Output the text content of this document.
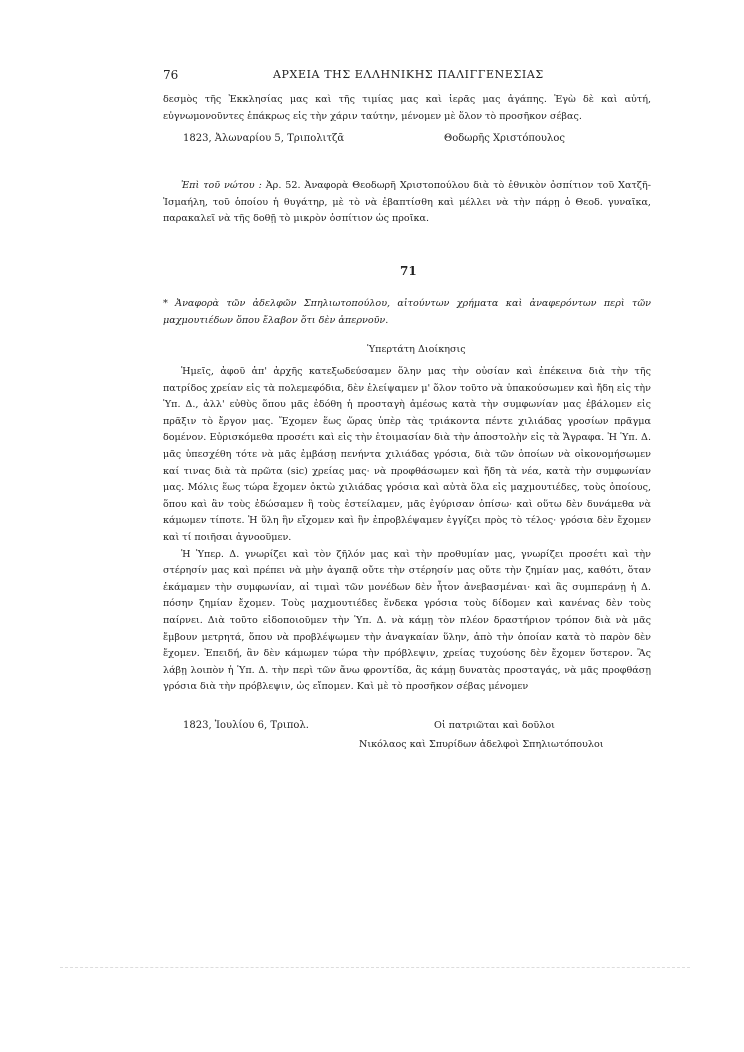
76	ΑΡΧΕΙΑ ΤΗΣ ΕΛΛΗΝΙΚΗΣ ΠΑΛΙΓΓΕΝΕΣΙΑΣ

δεσμὸς τῆς Ἐκκλησίας μας καὶ τῆς τιμίας μας καὶ ἱερᾶς μας ἀγάπης. Ἐγὼ δὲ καὶ αὐτή, εὐγνωμονοῦντες ἐπάκρως εἰς τὴν χάριν ταύτην, μένομεν μὲ ὅλον τὸ προσῆκον σέβας.

1823, Ἀλωναρίου 5, Τριπολιτζᾶ	Θοδωρῆς Χριστόπουλος

Ἐπὶ τοῦ νώτου : Ἀρ. 52. Ἀναφορὰ Θεοδωρῆ Χριστοπούλου διὰ τὸ ἐθνικὸν ὀσπίτιον τοῦ Χατζῆ-Ἰσμαήλη, τοῦ ὁποίου ἡ θυγάτηρ, μὲ τὸ νὰ ἐβαπτίσθη καὶ μέλλει νὰ τὴν πάρῃ ὁ Θεοδ. γυναῖκα, παρακαλεῖ νὰ τῆς δοθῇ τὸ μικρὸν ὀσπίτιον ὡς προῖκα.

71

* Ἀναφορὰ τῶν ἀδελφῶν Σπηλιωτοπούλου, αἰτούντων χρήματα καὶ ἀναφερόντων περὶ τῶν μαχμουτιέδων ὅπου ἔλαβον ὅτι δὲν ἀπερνοῦν.

Ὑπερτάτη Διοίκησις

Ἡμεῖς, ἀφοῦ ἀπ' ἀρχῆς κατεξωδεύσαμεν ὅλην μας τὴν οὐσίαν καὶ ἐπέκεινα διὰ τὴν τῆς πατρίδος χρείαν εἰς τὰ πολεμεφόδια, δὲν ἐλείψαμεν μ' ὅλον τοῦτο νὰ ὑπακούσωμεν καὶ ἤδη εἰς τὴν Ὑπ. Δ., ἀλλ' εὐθὺς ὅπου μᾶς ἐδόθη ἡ προσταγὴ ἀμέσως κατὰ τὴν συμφωνίαν μας ἐβάλομεν εἰς πρᾶξιν τὸ ἔργον μας. Ἔχομεν ἕως ὥρας ὑπὲρ τὰς τριάκοντα πέντε χιλιάδας γροσίων πρᾶγμα δομένον. Εὑρισκόμεθα προσέτι καὶ εἰς τὴν ἑτοιμασίαν διὰ τὴν ἀποστολὴν εἰς τὰ Ἄγραφα. Ἡ Ὑπ. Δ. μᾶς ὑπεσχέθη τότε νὰ μᾶς ἐμβάσῃ πενήντα χιλιάδας γρόσια, διὰ τῶν ὁποίων νὰ οἰκονομήσωμεν καί τινας διὰ τὰ πρῶτα (sic) χρείας μας· νὰ προφθάσωμεν καὶ ἤδη τὰ νέα, κατὰ τὴν συμφωνίαν μας. Μόλις ἕως τώρα ἔχομεν ὀκτὼ χιλιάδας γρόσια καὶ αὐτὰ ὅλα εἰς μαχμουτιέδες, τοὺς ὁποίους, ὅπου καὶ ἂν τοὺς ἐδώσαμεν ἢ τοὺς ἐστείλαμεν, μᾶς ἐγύρισαν ὀπίσω· καὶ οὕτω δὲν δυνάμεθα νὰ κάμωμεν τίποτε. Ἡ ὕλη ἣν εἴχομεν καὶ ἣν ἐπροβλέψαμεν ἐγγίζει πρὸς τὸ τέλος· γρόσια δὲν ἔχομεν καὶ τί ποιῆσαι ἀγνοοῦμεν.

Ἡ Ὑπερ. Δ. γνωρίζει καὶ τὸν ζῆλόν μας καὶ τὴν προθυμίαν μας, γνωρίζει προσέτι καὶ τὴν στέρησίν μας καὶ πρέπει νὰ μὴν ἀγαπᾷ οὔτε τὴν στέρησίν μας οὔτε τὴν ζημίαν μας, καθότι, ὅταν ἐκάμαμεν τὴν συμφωνίαν, αἱ τιμαὶ τῶν μονέδων δὲν ἦτον ἀνεβασμέναι· καὶ ἂς συμπεράνῃ ἡ Δ. πόσην ζημίαν ἔχομεν. Τοὺς μαχμουτιέδες ἕνδεκα γρόσια τοὺς δίδομεν καὶ κανένας δὲν τοὺς παίρνει. Διὰ τοῦτο εἰδοποιοῦμεν τὴν Ὑπ. Δ. νὰ κάμῃ τὸν πλέον δραστήριον τρόπον διὰ νὰ μᾶς ἔμβουν μετρητά, ὅπου νὰ προβλέψωμεν τὴν ἀναγκαίαν ὕλην, ἀπὸ τὴν ὁποίαν κατὰ τὸ παρὸν δὲν ἔχομεν. Ἐπειδή, ἂν δὲν κάμωμεν τώρα τὴν πρόβλεψιν, χρείας τυχούσης δὲν ἔχομεν ὕστερον. Ἂς λάβῃ λοιπὸν ἡ Ὑπ. Δ. τὴν περὶ τῶν ἄνω φροντίδα, ἂς κάμῃ δυνατὰς προσταγάς, νὰ μᾶς προφθάσῃ γρόσια διὰ τὴν πρόβλεψιν, ὡς εἴπομεν. Καὶ μὲ τὸ προσῆκον σέβας μένομεν

1823, Ἰουλίου 6, Τριπολ.	Οἱ πατριῶται καὶ δοῦλοι
Νικόλαος καὶ Σπυρίδων ἀδελφοὶ Σπηλιωτόπουλοι
